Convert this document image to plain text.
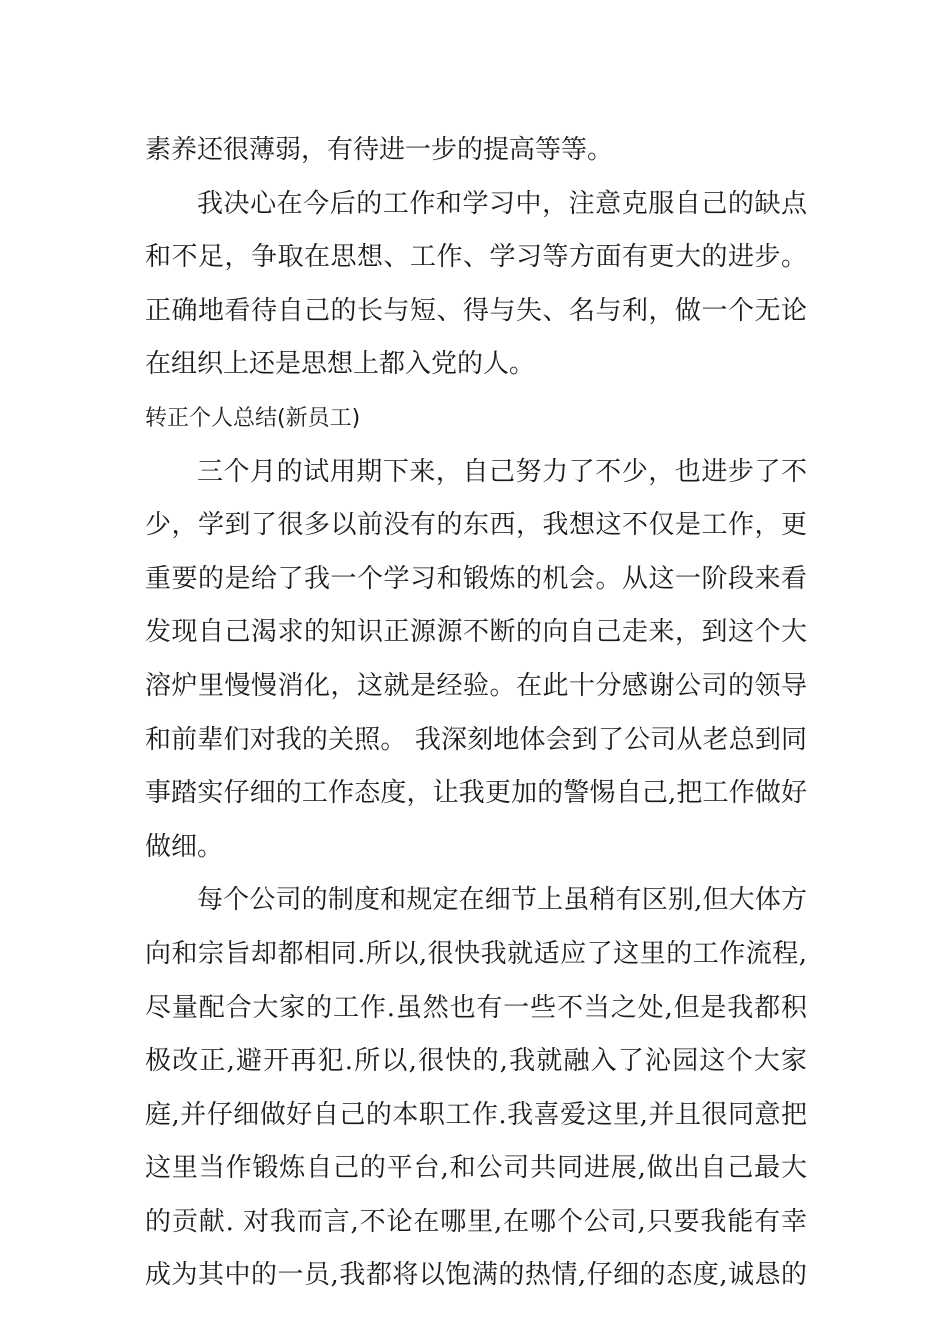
素养还很薄弱，有待进一步的提高等等。
我决心在今后的工作和学习中，注意克服自己的缺点
和不足，争取在思想、工作、学习等方面有更大的进步。
正确地看待自己的长与短、得与失、名与利，做一个无论
在组织上还是思想上都入党的人。
转正个人总结(新员工)
三个月的试用期下来，自己努力了不少，也进步了不
少，学到了很多以前没有的东西，我想这不仅是工作，更
重要的是给了我一个学习和锻炼的机会。从这一阶段来看
发现自己渴求的知识正源源不断的向自己走来，到这个大
溶炉里慢慢消化，这就是经验。在此十分感谢公司的领导
和前辈们对我的关照。 我深刻地体会到了公司从老总到同
事踏实仔细的工作态度，让我更加的警惕自己,把工作做好
做细。
每个公司的制度和规定在细节上虽稍有区别,但大体方
向和宗旨却都相同.所以,很快我就适应了这里的工作流程,
尽量配合大家的工作.虽然也有一些不当之处,但是我都积
极改正,避开再犯.所以,很快的,我就融入了沁园这个大家
庭,并仔细做好自己的本职工作.我喜爱这里,并且很同意把
这里当作锻炼自己的平台,和公司共同进展,做出自己最大
的贡献. 对我而言,不论在哪里,在哪个公司,只要我能有幸
成为其中的一员,我都将以饱满的热情,仔细的态度,诚恳的
